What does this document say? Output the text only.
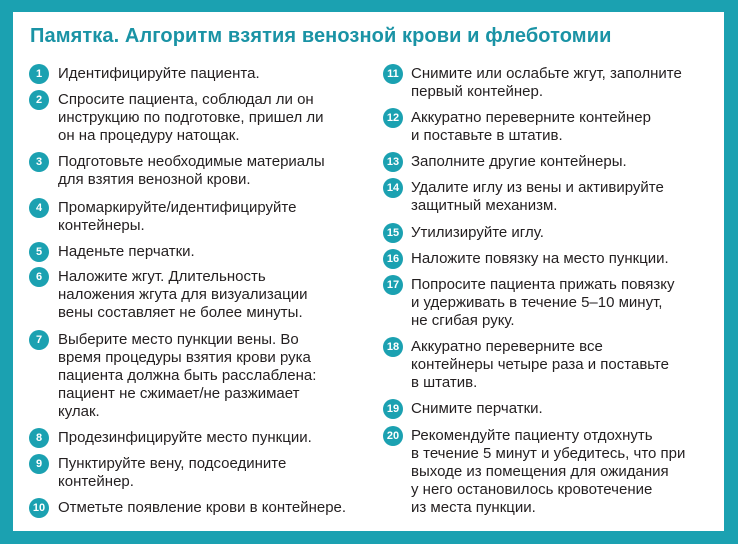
Памятка. Алгоритм взятия венозной крови и флеботомии
1	Идентифицируйте пациента.
2	Спросите пациента, соблюдал ли он
инструкцию по подготовке, пришел ли
он на процедуру натощак.
3	Подготовьте необходимые материалы
для взятия венозной крови.
4	Промаркируйте/идентифицируйте
контейнеры.
5	Наденьте перчатки.
6	Наложите жгут. Длительность
наложения жгута для визуализации
вены составляет не более минуты.
7	Выберите место пункции вены. Во
время процедуры взятия крови рука
пациента должна быть расслаблена:
пациент не сжимает/не разжимает
кулак.
8	Продезинфицируйте место пункции.
9	Пунктируйте вену, подсоедините
контейнер.
10 Отметьте появление крови в контейнере.
11 Снимите или ослабьте жгут, заполните
первый контейнер.
12 Аккуратно переверните контейнер
и поставьте в штатив.
13 Заполните другие контейнеры.
14 Удалите иглу из вены и активируйте
защитный механизм.
15 Утилизируйте иглу.
16 Наложите повязку на место пункции.
17 Попросите пациента прижать повязку
и удерживать в течение 5–10 минут,
не сгибая руку.
18 Аккуратно переверните все
контейнеры четыре раза и поставьте
в штатив.
19 Снимите перчатки.
20 Рекомендуйте пациенту отдохнуть
в течение 5 минут и убедитесь, что при
выходе из помещения для ожидания
у него остановилось кровотечение
из места пункции.
